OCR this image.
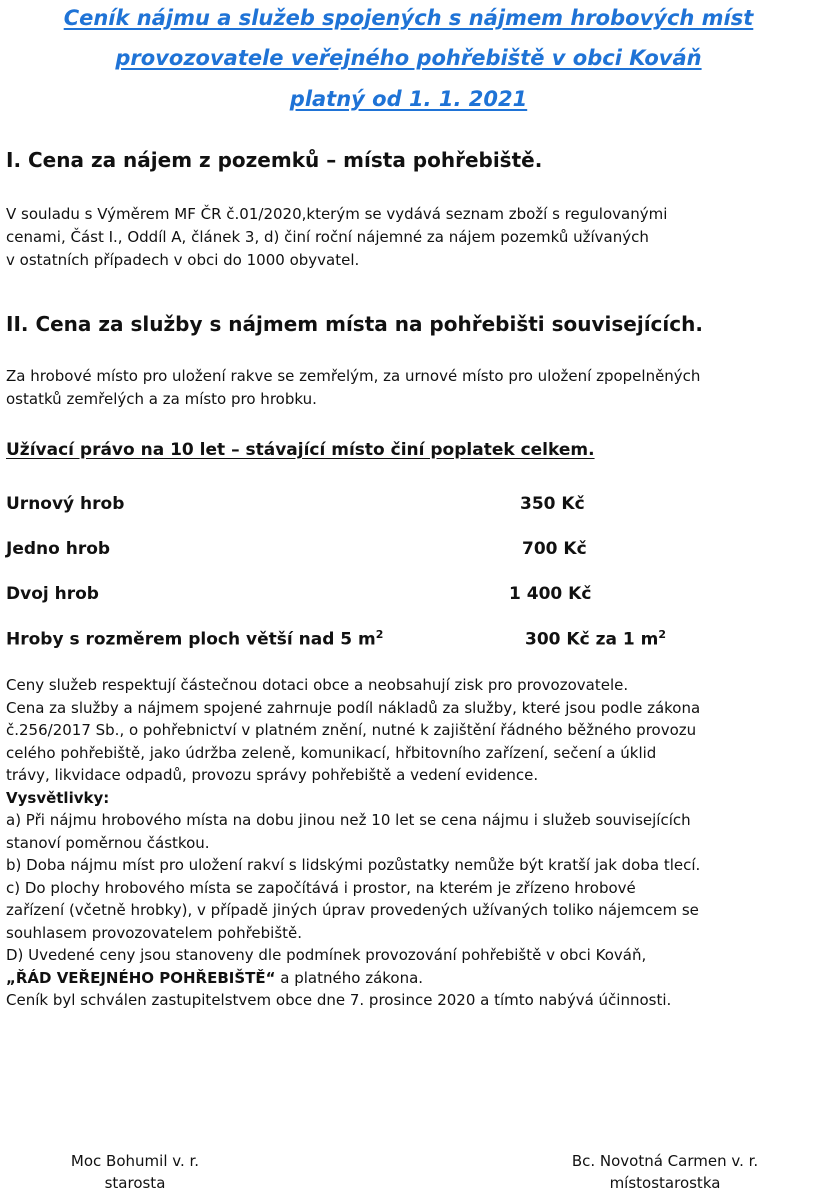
Ceník nájmu a služeb spojených s nájmem hrobových míst
provozovatele veřejného pohřebiště v obci Kováň
platný od 1. 1. 2021
I. Cena za nájem z pozemků – místa pohřebiště.
V souladu s Výměrem MF ČR č.01/2020,kterým se vydává seznam zboží s regulovanými
cenami, Část I., Oddíl A, článek 3, d) činí roční nájemné za nájem pozemků užívaných
v ostatních případech v obci do 1000 obyvatel.
II. Cena za služby s nájmem místa na pohřebišti souvisejících.
Za hrobové místo pro uložení rakve se zemřelým, za urnové místo pro uložení zpopelněných
ostatků zemřelých a za místo pro hrobku.
Užívací právo na 10 let – stávající místo činí poplatek celkem.
Urnový hrob	350 Kč
Jedno hrob	700 Kč
Dvoj hrob	1 400 Kč
Hroby s rozměrem ploch větší nad 5 $m^2$	300 Kč za 1 $m^2$
Ceny služeb respektují částečnou dotaci obce a neobsahují zisk pro provozovatele.
Cena za služby a nájmem spojené zahrnuje podíl nákladů za služby, které jsou podle zákona
č.256/2017 Sb., o pohřebnictví v platném znění, nutné k zajištění řádného běžného provozu
celého pohřebiště, jako údržba zeleně, komunikací, hřbitovního zařízení, sečení a úklid
trávy, likvidace odpadů, provozu správy pohřebiště a vedení evidence.
Vysvětlivky:
a) Při nájmu hrobového místa na dobu jinou než 10 let se cena nájmu i služeb souvisejících
stanoví poměrnou částkou.
b) Doba nájmu míst pro uložení rakví s lidskými pozůstatky nemůže být kratší jak doba tlecí.
c) Do plochy hrobového místa se započítává i prostor, na kterém je zřízeno hrobové
zařízení (včetně hrobky), v případě jiných úprav provedených užívaných toliko nájemcem se
souhlasem provozovatelem pohřebiště.
D) Uvedené ceny jsou stanoveny dle podmínek provozování pohřebiště v obci Kováň,
„ŘÁD VEŘEJNÉHO POHŘEBIŠTĚ“ a platného zákona.
Ceník byl schválen zastupitelstvem obce dne 7. prosince 2020 a tímto nabývá účinnosti.
Moc Bohumil v. r.
starosta
Bc. Novotná Carmen v. r.
místostarostka
